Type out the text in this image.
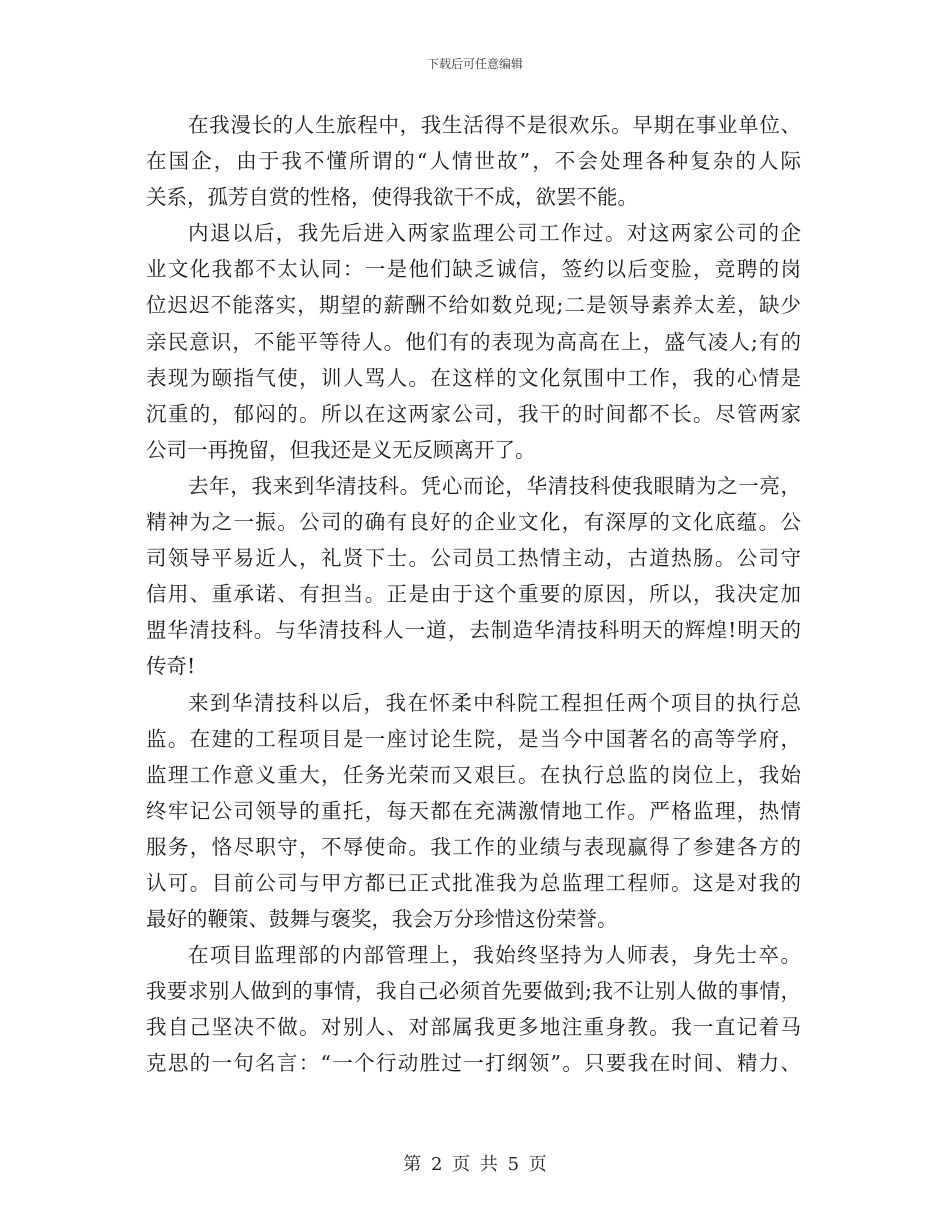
下载后可任意编辑
在我漫长的人生旅程中，我生活得不是很欢乐。早期在事业单位、
在国企，由于我不懂所谓的“人情世故”，不会处理各种复杂的人际
关系，孤芳自赏的性格，使得我欲干不成，欲罢不能。
内退以后，我先后进入两家监理公司工作过。对这两家公司的企
业文化我都不太认同：一是他们缺乏诚信，签约以后变脸，竞聘的岗
位迟迟不能落实，期望的薪酬不给如数兑现;二是领导素养太差，缺少
亲民意识，不能平等待人。他们有的表现为高高在上，盛气凌人;有的
表现为颐指气使，训人骂人。在这样的文化氛围中工作，我的心情是
沉重的，郁闷的。所以在这两家公司，我干的时间都不长。尽管两家
公司一再挽留，但我还是义无反顾离开了。
去年，我来到华清技科。凭心而论，华清技科使我眼睛为之一亮，
精神为之一振。公司的确有良好的企业文化，有深厚的文化底蕴。公
司领导平易近人，礼贤下士。公司员工热情主动，古道热肠。公司守
信用、重承诺、有担当。正是由于这个重要的原因，所以，我决定加
盟华清技科。与华清技科人一道，去制造华清技科明天的辉煌!明天的
传奇!
来到华清技科以后，我在怀柔中科院工程担任两个项目的执行总
监。在建的工程项目是一座讨论生院，是当今中国著名的高等学府，
监理工作意义重大，任务光荣而又艰巨。在执行总监的岗位上，我始
终牢记公司领导的重托，每天都在充满激情地工作。严格监理，热情
服务，恪尽职守，不辱使命。我工作的业绩与表现赢得了参建各方的
认可。目前公司与甲方都已正式批准我为总监理工程师。这是对我的
最好的鞭策、鼓舞与褒奖，我会万分珍惜这份荣誉。
在项目监理部的内部管理上，我始终坚持为人师表，身先士卒。
我要求别人做到的事情，我自己必须首先要做到;我不让别人做的事情，
我自己坚决不做。对别人、对部属我更多地注重身教。我一直记着马
克思的一句名言：“一个行动胜过一打纲领”。只要我在时间、精力、
第 2 页 共 5 页
